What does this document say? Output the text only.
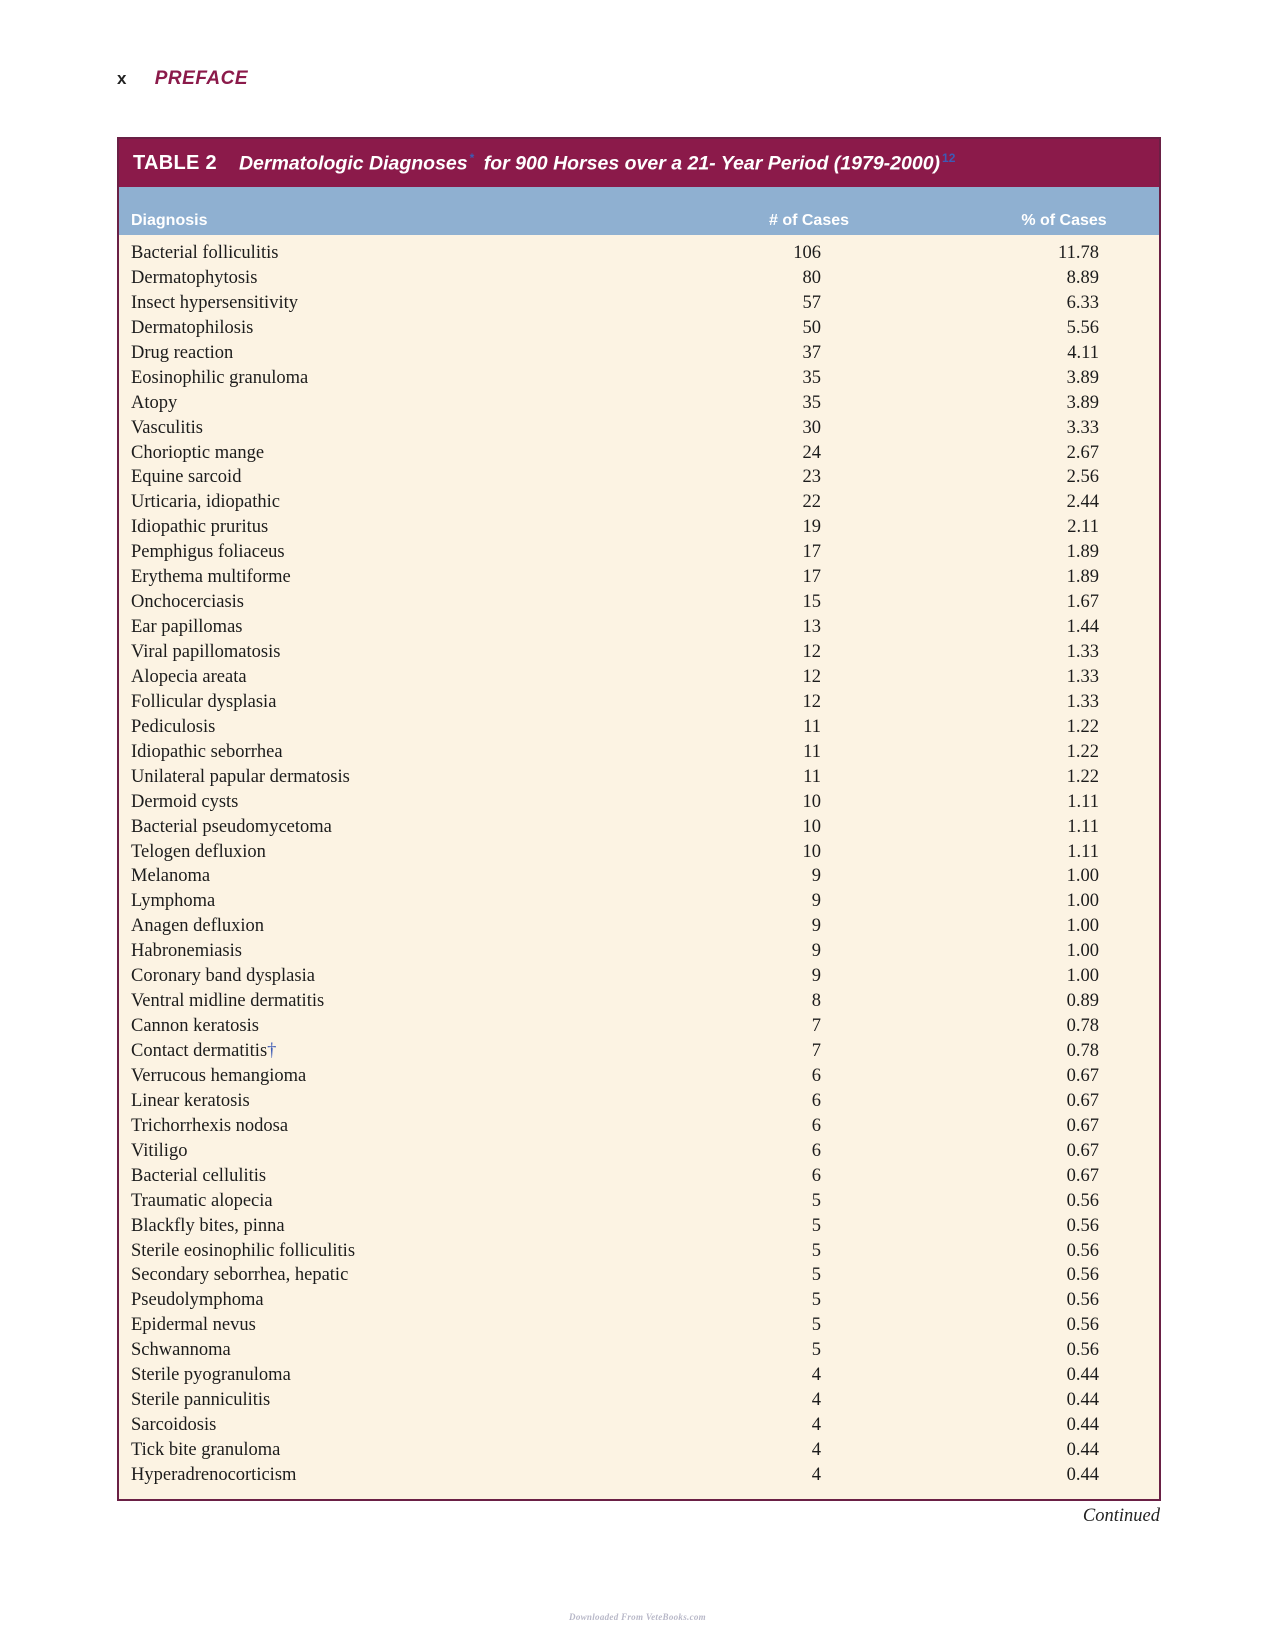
x PREFACE
TABLE 2 Dermatologic Diagnoses * for 900 Horses over a 21- Year Period (1979-2000) $^{12}$
Diagnosis	# of Cases	% of Cases
Bacterial folliculitis	106	11.78
Dermatophytosis	80	8.89
Insect hypersensitivity	57	6.33
Dermatophilosis	50	5.56
Drug reaction	37	4.11
Eosinophilic granuloma	35	3.89
Atopy	35	3.89
Vasculitis	30	3.33
Chorioptic mange	24	2.67
Equine sarcoid	23	2.56
Urticaria, idiopathic	22	2.44
Idiopathic pruritus	19	2.11
Pemphigus foliaceus	17	1.89
Erythema multiforme	17	1.89
Onchocerciasis	15	1.67
Ear papillomas	13	1.44
Viral papillomatosis	12	1.33
Alopecia areata	12	1.33
Follicular dysplasia	12	1.33
Pediculosis	11	1.22
Idiopathic seborrhea	11	1.22
Unilateral papular dermatosis	11	1.22
Dermoid cysts	10	1.11
Bacterial pseudomycetoma	10	1.11
Telogen defluxion	10	1.11
Melanoma	9	1.00
Lymphoma	9	1.00
Anagen defluxion	9	1.00
Habronemiasis	9	1.00
Coronary band dysplasia	9	1.00
Ventral midline dermatitis	8	0.89
Cannon keratosis	7	0.78
Contact dermatitis†	7	0.78
Verrucous hemangioma	6	0.67
Linear keratosis	6	0.67
Trichorrhexis nodosa	6	0.67
Vitiligo	6	0.67
Bacterial cellulitis	6	0.67
Traumatic alopecia	5	0.56
Blackfly bites, pinna	5	0.56
Sterile eosinophilic folliculitis	5	0.56
Secondary seborrhea, hepatic	5	0.56
Pseudolymphoma	5	0.56
Epidermal nevus	5	0.56
Schwannoma	5	0.56
Sterile pyogranuloma	4	0.44
Sterile panniculitis	4	0.44
Sarcoidosis	4	0.44
Tick bite granuloma	4	0.44
Hyperadrenocorticism	4	0.44
Continued
Downloaded From VeteBooks.com
